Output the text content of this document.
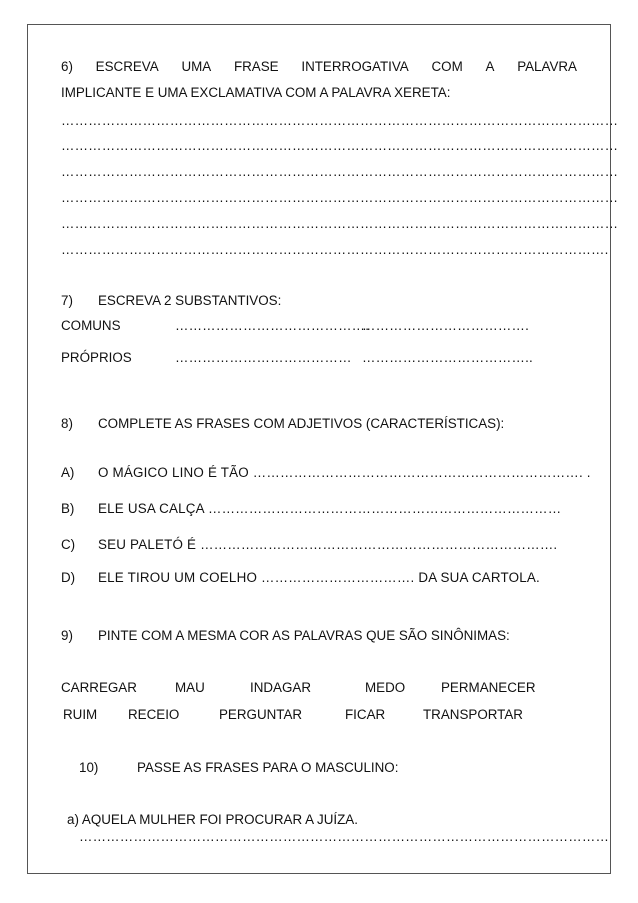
6) ESCREVA UMA FRASE INTERROGATIVA COM A PALAVRA
IMPLICANTE E UMA EXCLAMATIVA COM A PALAVRA XERETA:
……………………………………………………………………………………………………………
……………………………………………………………………………………………………………
……………………………………………………………………………………………………………
……………………………………………………………………………………………………………
……………………………………………………………………………………………………………
………………………………………………………………………………………………………….
7) ESCREVA 2 SUBSTANTIVOS:
COMUNS	…………………………………….
……………………………….
PRÓPRIOS	………………………………… ………………………………..
8) COMPLETE AS FRASES COM ADJETIVOS (CARACTERÍSTICAS):
A) O MÁGICO LINO É TÃO ………………………………………………………………. .
B) ELE USA CALÇA ……………………………………………………………………
C) SEU PALETÓ É …………………………………………………………………….
D) ELE TIROU UM COELHO ……………………………. DA SUA CARTOLA.
9) PINTE COM A MESMA COR AS PALAVRAS QUE SÃO SINÔNIMAS:
CARREGAR	MAU	INDAGAR	MEDO	PERMANECER
RUIM RECEIO	PERGUNTAR	FICAR	TRANSPORTAR
10)	PASSE AS FRASES PARA O MASCULINO:
a) AQUELA MULHER FOI PROCURAR A JUÍZA.
………………………………………………………………………………………………………
